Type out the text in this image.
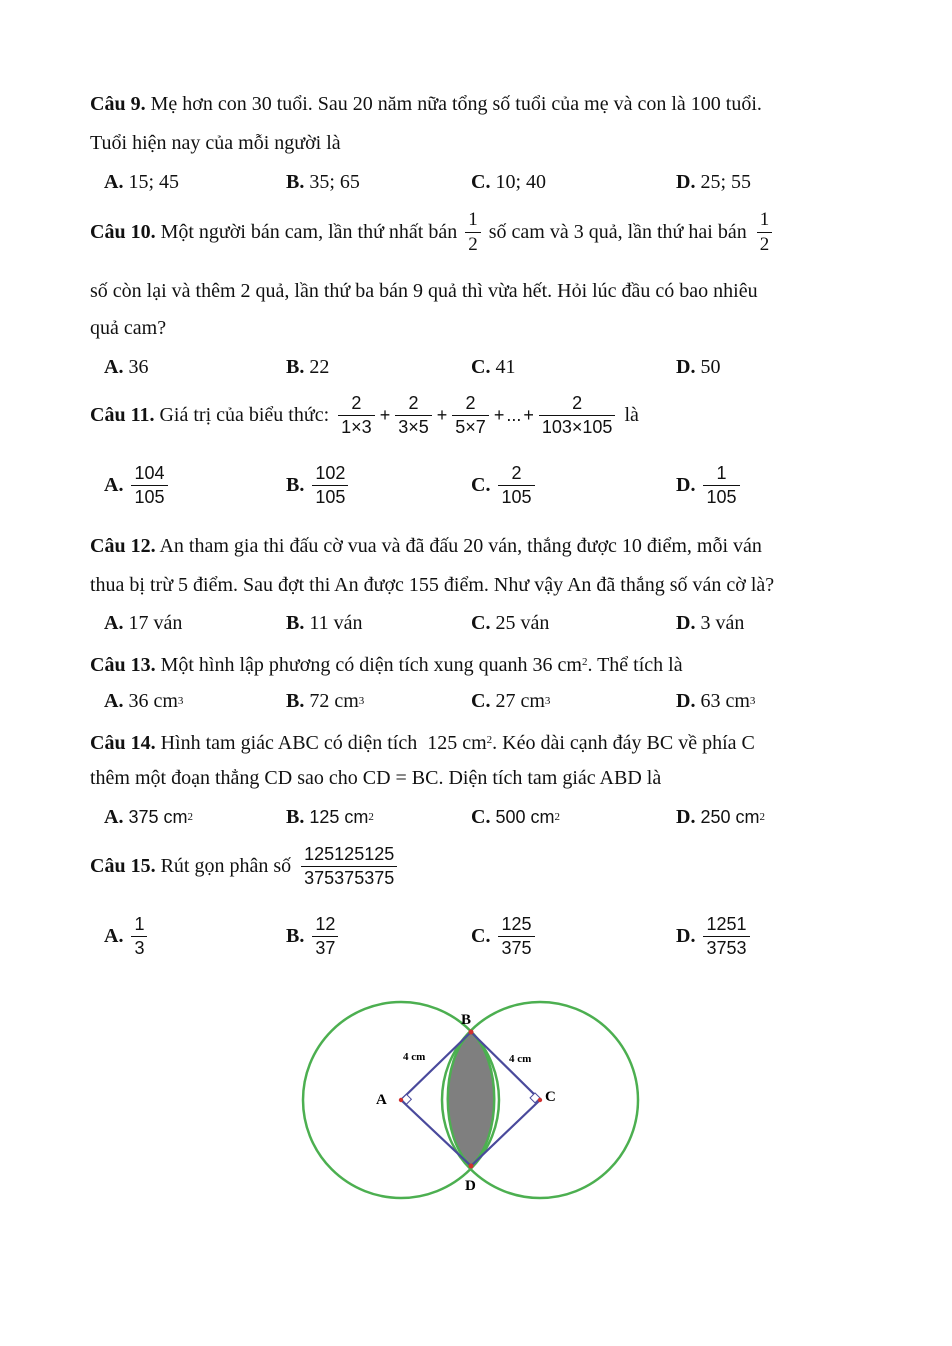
Câu 9. Mẹ hơn con 30 tuổi. Sau 20 năm nữa tổng số tuổi của mẹ và con là 100 tuổi.
Tuổi hiện nay của mỗi người là
A.
15; 45	B.
35; 65	C.
10; 40	D.
25; 55
Câu 10.
Một người bán cam, lần thứ nhất bán $\frac{1}{2}$ số cam và 3 quả, lần thứ hai bán $\frac{1}{2}$
số còn lại và thêm 2 quả, lần thứ ba bán 9 quả thì vừa hết. Hỏi lúc đầu có bao nhiêu
quả cam?
A.
36	B.
22	C.
41	D.
50
Câu 11.
Giá trị của biểu thức:
$\frac{2}{1\times 3} + \frac{2}{3\times 5} + \frac{2}{5\times 7}$ + ... + $\frac{2}{103\times 105}$
là
A. $\frac{104}{105}$	B. $\frac{102}{105}$	C. $\frac{2}{105}$	D. $\frac{1}{105}$
Câu 12. An tham gia thi đấu cờ vua và đã đấu 20 ván, thắng được 10 điểm, mỗi ván
thua bị trừ 5 điểm. Sau đợt thi An được 155 điểm. Như vậy An đã thắng số ván cờ là?
A.
17 ván	B.
11 ván	C.
25 ván	D.
3 ván
Câu 13. Một hình lập phương có diện tích xung quanh 36 $cm^2$. Thể tích là
A.
36 cm 3	B.
72 cm 3	C.
27 cm 3	D.
63 cm 3
Câu 14. Hình tam giác ABC có diện tích 125 $cm^2$. Kéo dài cạnh đáy BC về phía C
thêm một đoạn thẳng CD sao cho CD = BC. Diện tích tam giác ABD là
A.
375 cm 2	B.
125 cm 2	C.
500 cm 2	D.
250 cm 2
Câu 15.
Rút gọn phân số $\frac{125125125}{375375375}$
A. $\frac{1}{3}$	B. $\frac{12}{37}$	C. $\frac{125}{375}$	D. $\frac{1251}{3753}$
B
A	C
D
4 cm	4 cm
